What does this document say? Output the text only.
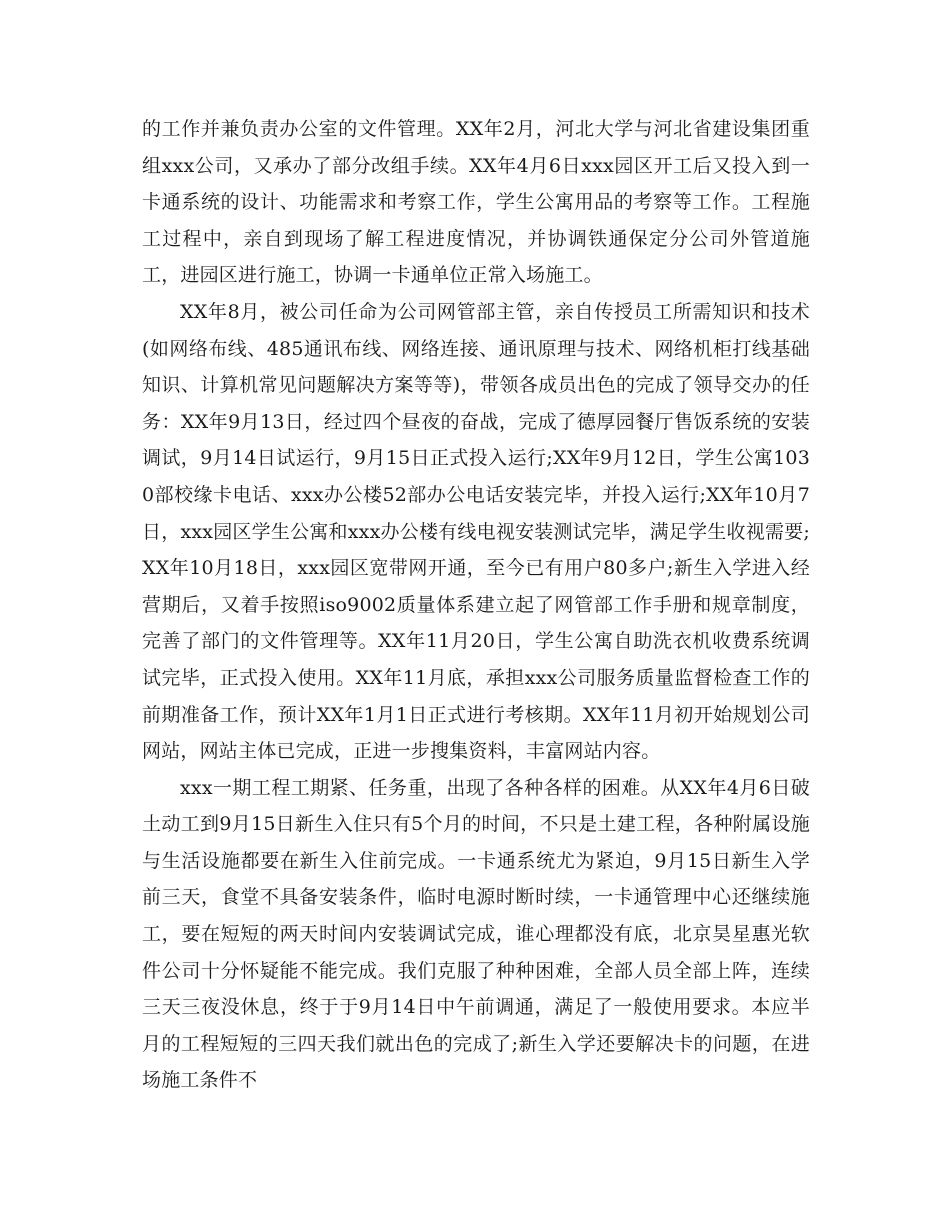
的工作并兼负责办公室的文件管理。XX年2月，河北大学与河北省建设集团重组xxx公司，又承办了部分改组手续。XX年4月6日xxx园区开工后又投入到一卡通系统的设计、功能需求和考察工作，学生公寓用品的考察等工作。工程施工过程中，亲自到现场了解工程进度情况，并协调铁通保定分公司外管道施工，进园区进行施工，协调一卡通单位正常入场施工。

XX年8月，被公司任命为公司网管部主管，亲自传授员工所需知识和技术(如网络布线、485通讯布线、网络连接、通讯原理与技术、网络机柜打线基础知识、计算机常见问题解决方案等等)，带领各成员出色的完成了领导交办的任务：XX年9月13日，经过四个昼夜的奋战，完成了德厚园餐厅售饭系统的安装调试，9月14日试运行，9月15日正式投入运行;XX年9月12日，学生公寓1030部校缘卡电话、xxx办公楼52部办公电话安装完毕，并投入运行;XX年10月7日，xxx园区学生公寓和xxx办公楼有线电视安装测试完毕，满足学生收视需要;XX年10月18日，xxx园区宽带网开通，至今已有用户80多户;新生入学进入经营期后，又着手按照iso9002质量体系建立起了网管部工作手册和规章制度，完善了部门的文件管理等。XX年11月20日，学生公寓自助洗衣机收费系统调试完毕，正式投入使用。XX年11月底，承担xxx公司服务质量监督检查工作的前期准备工作，预计XX年1月1日正式进行考核期。XX年11月初开始规划公司网站，网站主体已完成，正进一步搜集资料，丰富网站内容。

xxx一期工程工期紧、任务重，出现了各种各样的困难。从XX年4月6日破土动工到9月15日新生入住只有5个月的时间，不只是土建工程，各种附属设施与生活设施都要在新生入住前完成。一卡通系统尤为紧迫，9月15日新生入学前三天，食堂不具备安装条件，临时电源时断时续，一卡通管理中心还继续施工，要在短短的两天时间内安装调试完成，谁心理都没有底，北京昊星惠光软件公司十分怀疑能不能完成。我们克服了种种困难，全部人员全部上阵，连续三天三夜没休息，终于于9月14日中午前调通，满足了一般使用要求。本应半月的工程短短的三四天我们就出色的完成了;新生入学还要解决卡的问题，在进场施工条件不
